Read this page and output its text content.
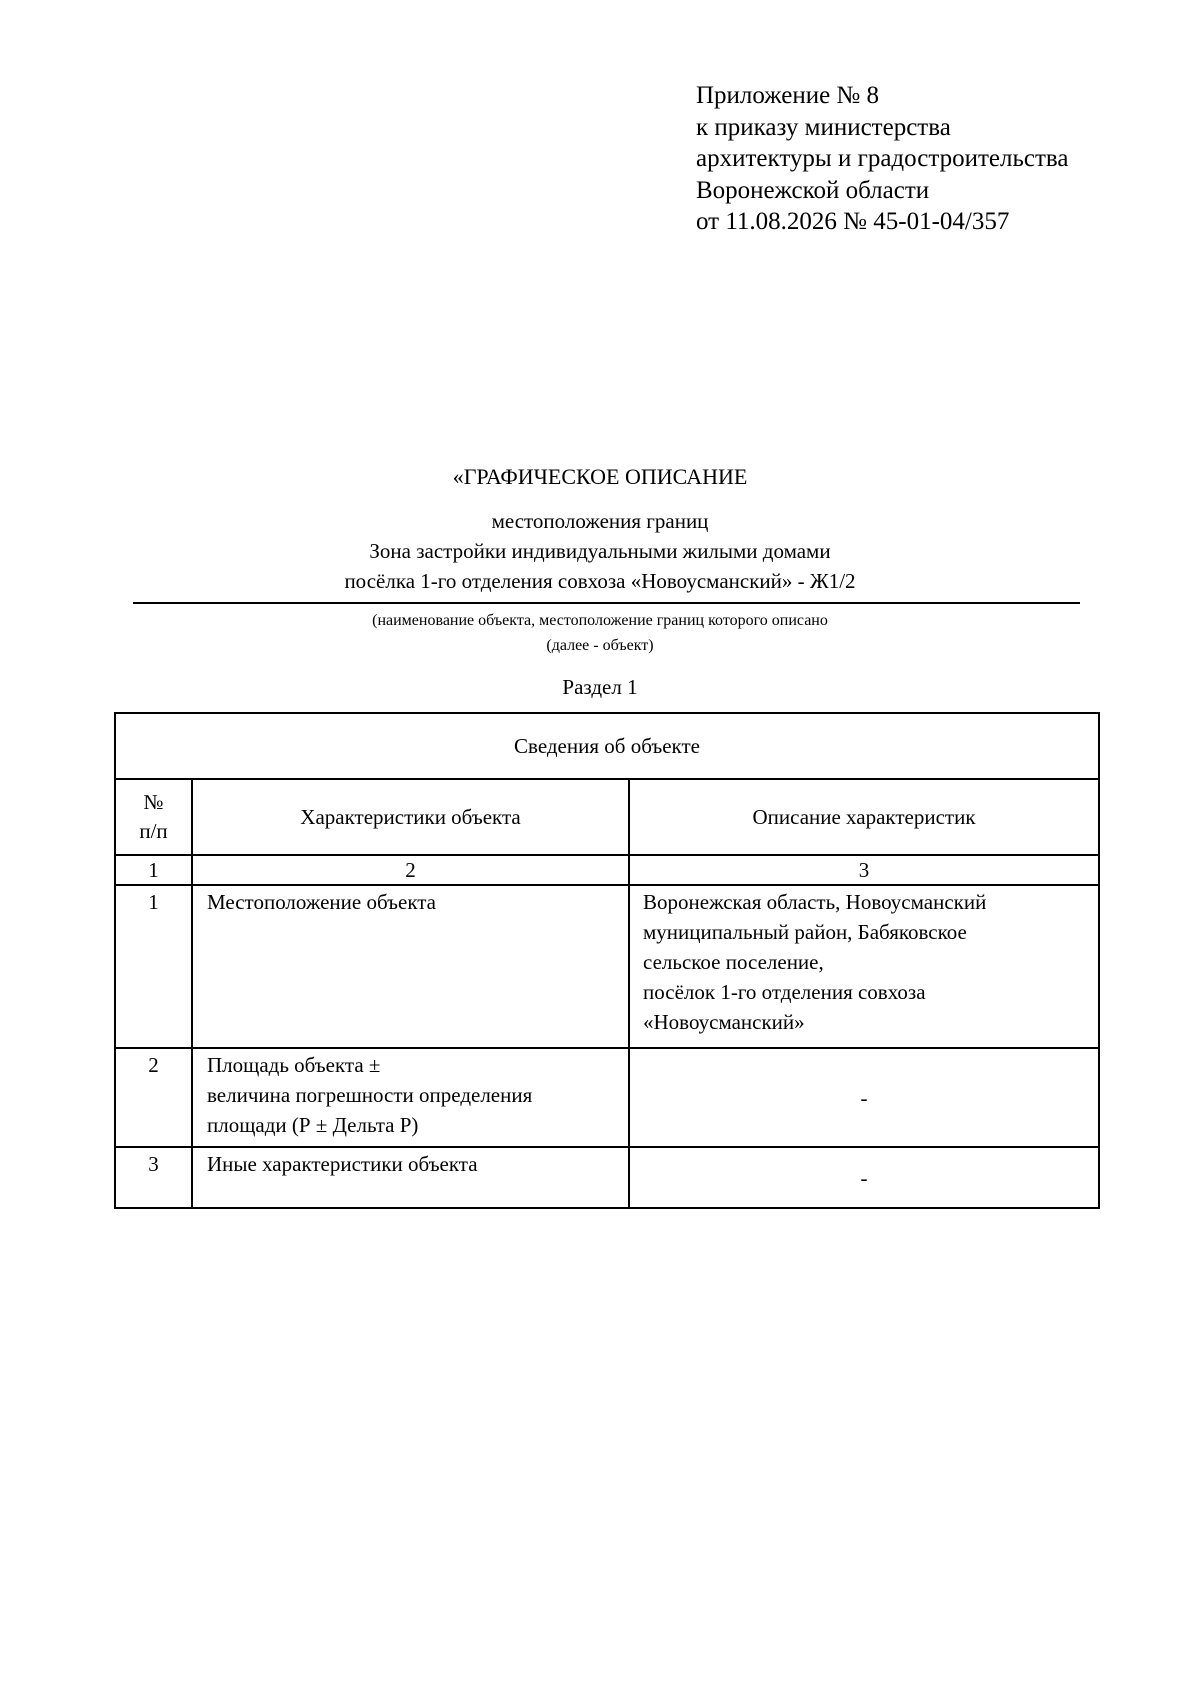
Приложение № 8
к приказу министерства
архитектуры и градостроительства
Воронежской области
от 11.08.2026 № 45-01-04/357
«ГРАФИЧЕСКОЕ ОПИСАНИЕ
местоположения границ
Зона застройки индивидуальными жилыми домами
посёлка 1-го отделения совхоза «Новоусманский» - Ж1/2
(наименование объекта, местоположение границ которого описано
(далее - объект)
Раздел 1
Сведения об объекте		

№
п/п	Характеристики объекта	Описание характеристик
1	2	3
1	Местоположение объекта	Воронежская область, Новоусманский
муниципальный район, Бабяковское
сельское поселение,
посёлок 1-го отделения совхоза
«Новоусманский»

2	Площадь объекта ±
величина погрешности определения
площади (Р ± Дельта Р)	-
3	Иные характеристики объекта	-
